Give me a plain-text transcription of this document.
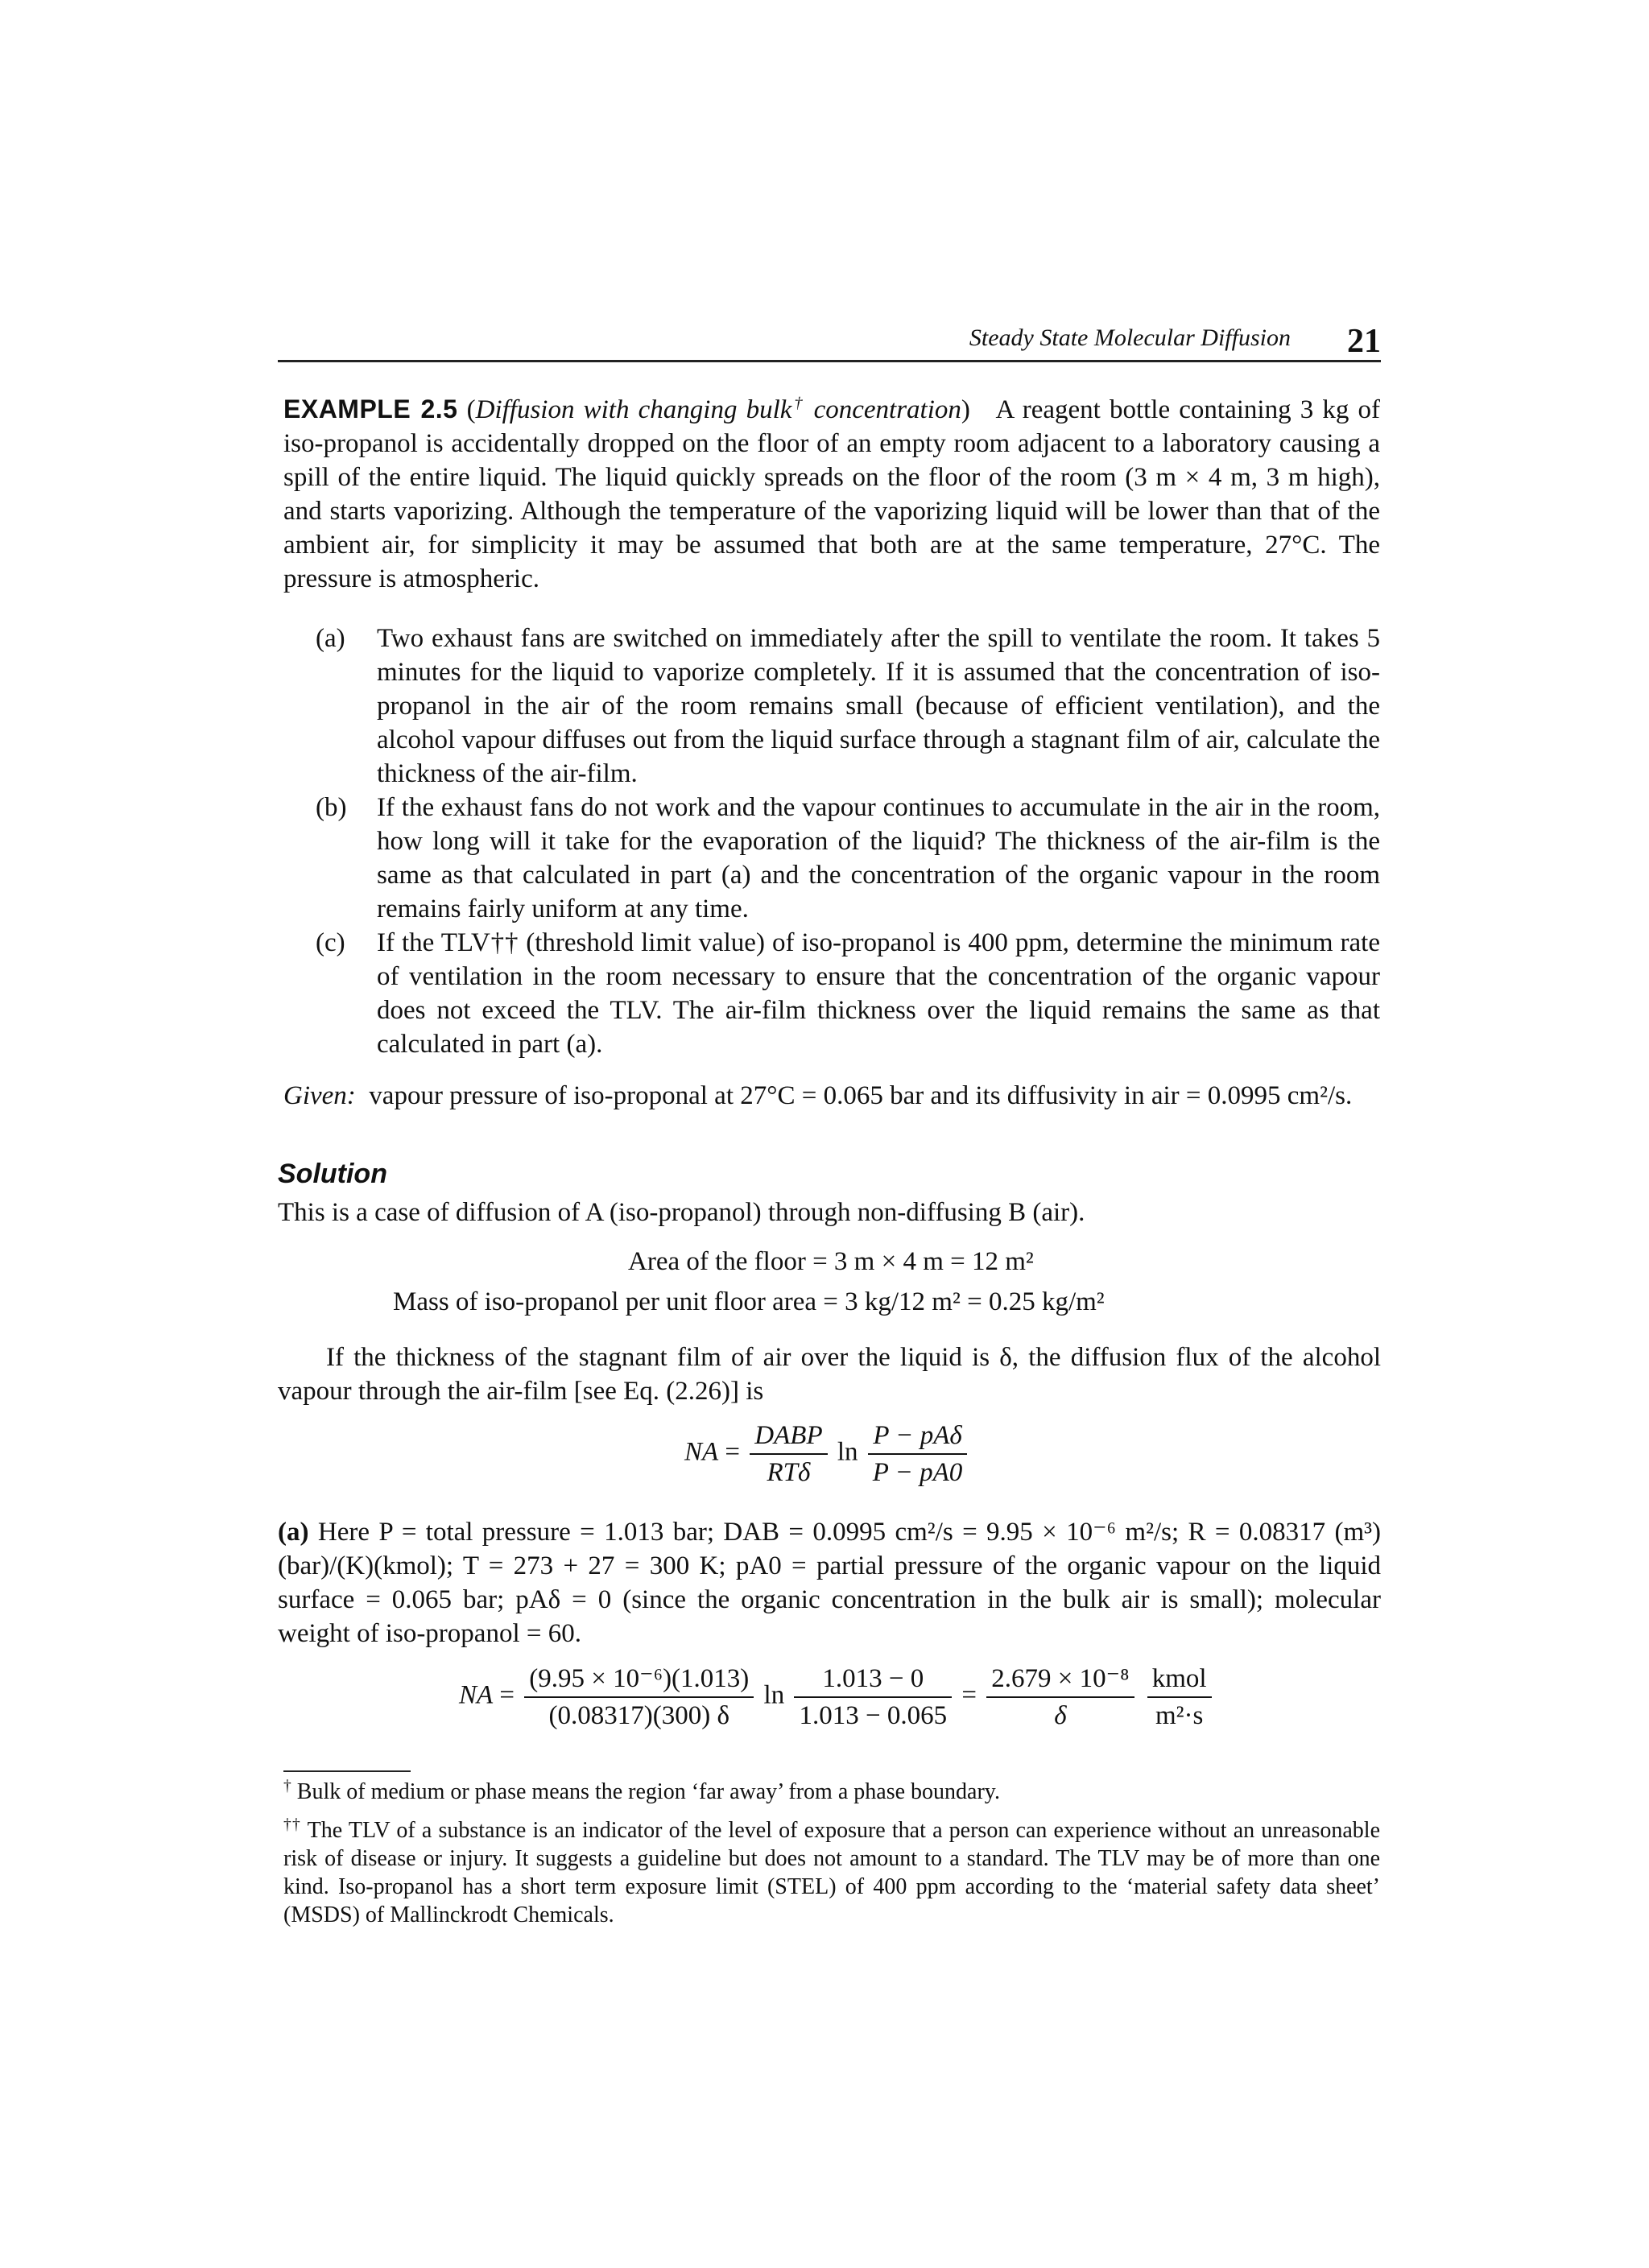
Steady State Molecular Diffusion 21
EXAMPLE 2.5 (Diffusion with changing bulk† concentration)   A reagent bottle containing 3 kg of iso-propanol is accidentally dropped on the floor of an empty room adjacent to a laboratory causing a spill of the entire liquid. The liquid quickly spreads on the floor of the room (3 m × 4 m, 3 m high), and starts vaporizing. Although the temperature of the vaporizing liquid will be lower than that of the ambient air, for simplicity it may be assumed that both are at the same temperature, 27°C. The pressure is atmospheric.
(a) Two exhaust fans are switched on immediately after the spill to ventilate the room. It takes 5 minutes for the liquid to vaporize completely. If it is assumed that the concentration of iso-propanol in the air of the room remains small (because of efficient ventilation), and the alcohol vapour diffuses out from the liquid surface through a stagnant film of air, calculate the thickness of the air-film.
(b) If the exhaust fans do not work and the vapour continues to accumulate in the air in the room, how long will it take for the evaporation of the liquid? The thickness of the air-film is the same as that calculated in part (a) and the concentration of the organic vapour in the room remains fairly uniform at any time.
(c) If the TLV†† (threshold limit value) of iso-propanol is 400 ppm, determine the minimum rate of ventilation in the room necessary to ensure that the concentration of the organic vapour does not exceed the TLV. The air-film thickness over the liquid remains the same as that calculated in part (a).
Given: vapour pressure of iso-proponal at 27°C = 0.065 bar and its diffusivity in air = 0.0995 cm²/s.
Solution
This is a case of diffusion of A (iso-propanol) through non-diffusing B (air).
Area of the floor = 3 m × 4 m = 12 m²
Mass of iso-propanol per unit floor area = 3 kg/12 m² = 0.25 kg/m²
If the thickness of the stagnant film of air over the liquid is δ, the diffusion flux of the alcohol vapour through the air-film [see Eq. (2.26)] is
NA = $\frac{\text{DABP}}{\text{RTδ}}$ $\ln \frac{\text{P − pAδ}}{P - pA0}$
(a) Here P = total pressure = 1.013 bar; DAB = 0.0995 cm²/s = 9.95 × 10⁻⁶ m²/s; R = 0.08317 (m³)(bar)/(K)(kmol); T = 273 + 27 = 300 K; pA0 = partial pressure of the organic vapour on the liquid surface = 0.065 bar; pAδ = 0 (since the organic concentration in the bulk air is small); molecular weight of iso-propanol = 60.
NA = $\frac{\text{(9.95 × 10⁻⁶)(1.013)}}{(0.08317)(300) \delta}$ $\ln \frac{1.013 - 0}{1.013 - 0.065} = \frac{\text{2.679 × 10⁻⁸}}{\delta}$
$\frac{\text{kmol}}{\text{m²·s}}$
† Bulk of medium or phase means the region ‘far away’ from a phase boundary.
†† The TLV of a substance is an indicator of the level of exposure that a person can experience without an unreasonable risk of disease or injury. It suggests a guideline but does not amount to a standard. The TLV may be of more than one kind. Iso-propanol has a short term exposure limit (STEL) of 400 ppm according to the ‘material safety data sheet’ (MSDS) of Mallinckrodt Chemicals.
